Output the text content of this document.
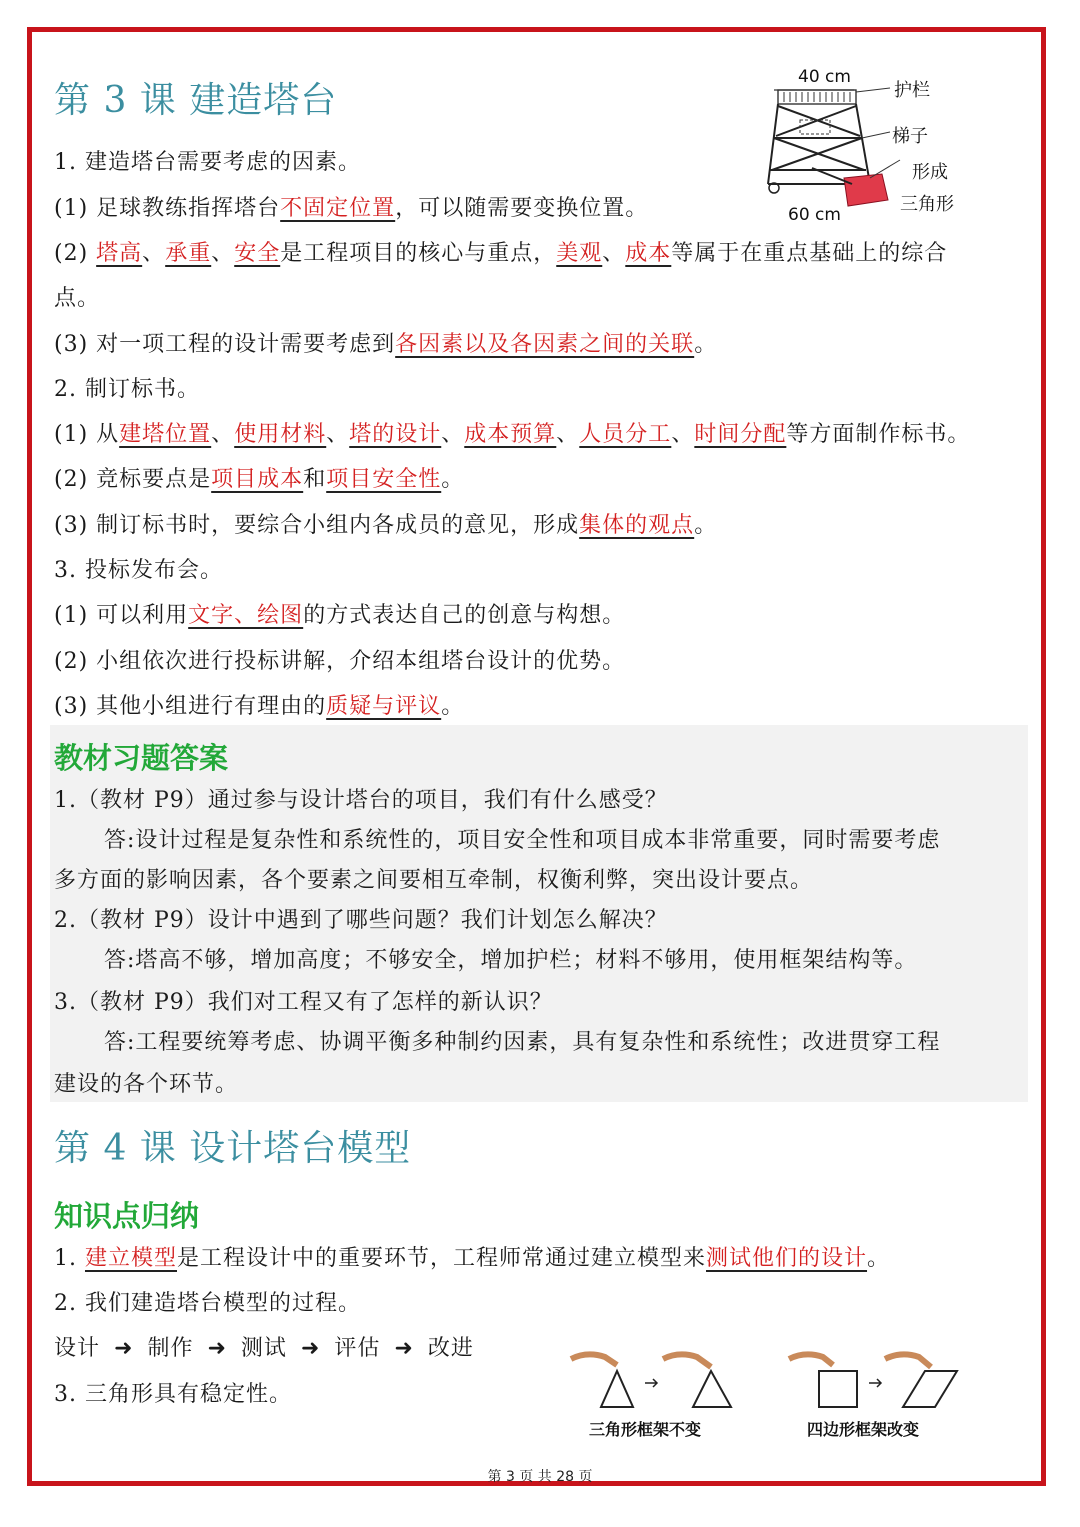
第 3 课 建造塔台
40 cm
60 cm
护栏
梯子
形成
三角形
1. 建造塔台需要考虑的因素。
(1) 足球教练指挥塔台不固定位置，可以随需要变换位置。
(2) 塔高、承重、安全是工程项目的核心与重点，美观、成本等属于在重点基础上的综合
点。
(3) 对一项工程的设计需要考虑到各因素以及各因素之间的关联。
2. 制订标书。
(1) 从建塔位置、使用材料、塔的设计、成本预算、人员分工、时间分配等方面制作标书。
(2) 竞标要点是项目成本和项目安全性。
(3) 制订标书时，要综合小组内各成员的意见，形成集体的观点。
3. 投标发布会。
(1) 可以利用文字、绘图的方式表达自己的创意与构想。
(2) 小组依次进行投标讲解，介绍本组塔台设计的优势。
(3) 其他小组进行有理由的质疑与评议。
教材习题答案
1.（教材 P9）通过参与设计塔台的项目，我们有什么感受？
答:设计过程是复杂性和系统性的，项目安全性和项目成本非常重要，同时需要考虑
多方面的影响因素，各个要素之间要相互牵制，权衡利弊，突出设计要点。
2.（教材 P9）设计中遇到了哪些问题？我们计划怎么解决？
答:塔高不够，增加高度；不够安全，增加护栏；材料不够用，使用框架结构等。
3.（教材 P9）我们对工程又有了怎样的新认识？
答:工程要统筹考虑、协调平衡多种制约因素，具有复杂性和系统性；改进贯穿工程
建设的各个环节。
第 4 课 设计塔台模型
知识点归纳
1. 建立模型是工程设计中的重要环节，工程师常通过建立模型来测试他们的设计。
2. 我们建造塔台模型的过程。
设计 ➜ 制作 ➜ 测试 ➜ 评估 ➜ 改进
3. 三角形具有稳定性。
三角形框架不变	四边形框架改变
第 3 页 共 28 页
